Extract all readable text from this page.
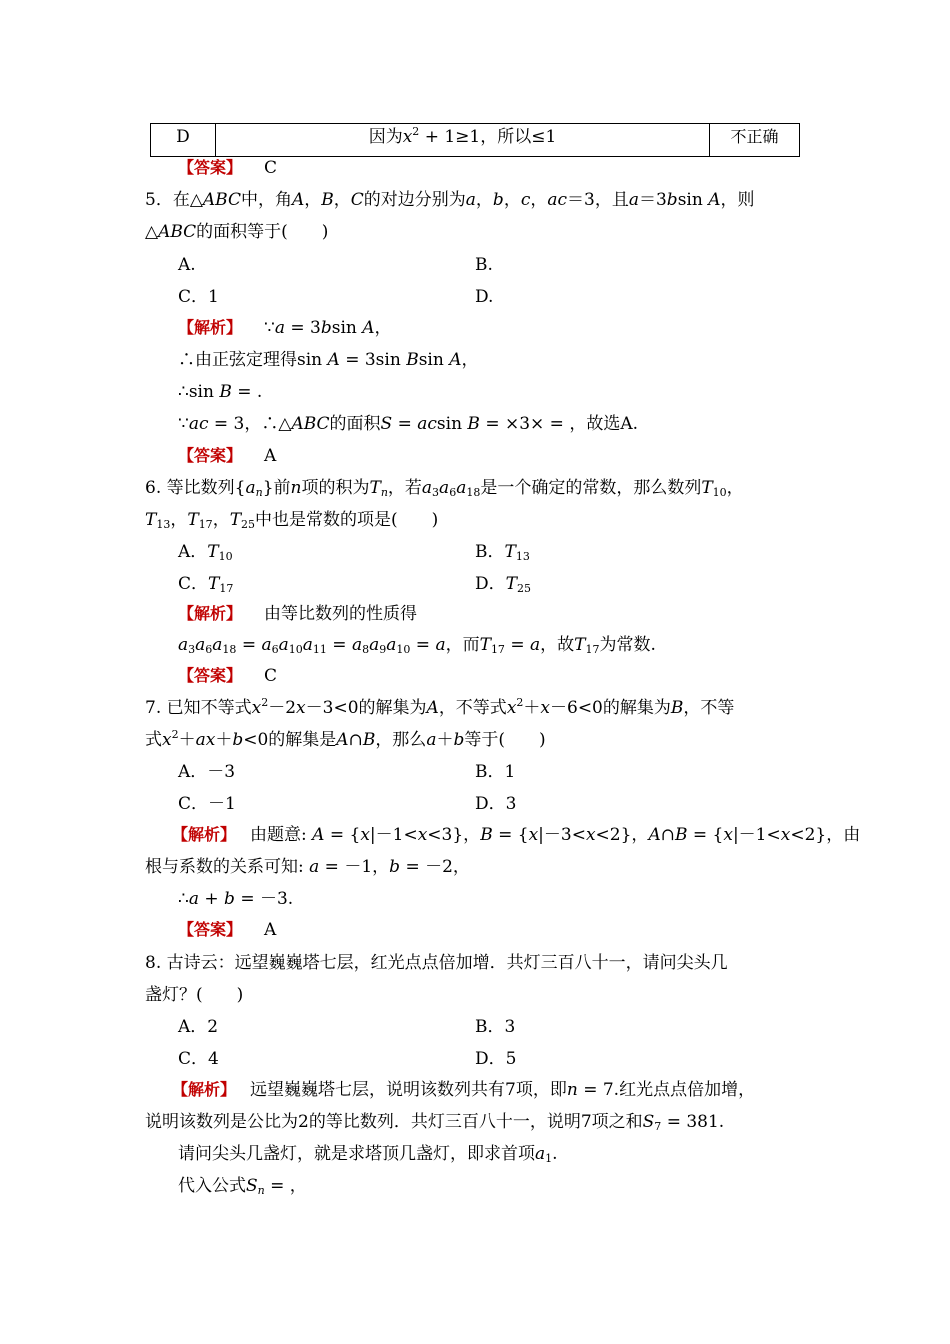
D	因为$x^2 + 1\ge 1$，所以≤1	不正确
【答案】 C
5．在△ABC中，角A，B，C的对边分别为a，b，c，ac＝3，且a＝3bsin A，则
△ABC的面积等于(　　)
A.	B.
C．1	D.
【解析】 ∵a = 3bsin A，
∴由正弦定理得sin A = 3sin Bsin A，
∴sin B = .
∵ac = 3，∴△ABC的面积S = acsin B = ×3× = ，故选A.
【答案】 A
6. 等比数列$\{a_n\}$前n项的积为$T_n$，若$a_3a_6a_{18}$是一个确定的常数，那么数列$T_{10}$，
$T_{13}$，$T_{17}$，$T_{25}$中也是常数的项是(　　)
A．$T_{10}$	B．$T_{13}$
C．$T_{17}$	D．$T_{25}$
【解析】 由等比数列的性质得
$a_3a_6a_{18} = a_6a_{10}a_{11} = a_8a_9a_{10} = a$，而$T_{17} = a$，故$T_{17}$为常数.
【答案】 C
7. 已知不等式$x^2-2x-3<0$的解集为A，不等式$x^2+x-6<0$的解集为B，不等
式$x^2+ax+b<0$的解集是A∩B，那么a＋b等于(　　)
A．－3	B．1
C．－1	D．3
【解析】 由题意: A = {x|－1<x<3}，B = {x|－3<x<2}，A∩B = {x|－1<x<2}，由
根与系数的关系可知: a = －1，b = －2，
∴a + b = －3.
【答案】 A
8. 古诗云：远望巍巍塔七层，红光点点倍加增．共灯三百八十一，请问尖头几
盏灯？(　　)
A．2	B．3
C．4	D．5
【解析】 远望巍巍塔七层，说明该数列共有7项，即n = 7.红光点点倍加增，
说明该数列是公比为2的等比数列．共灯三百八十一，说明7项之和$S_7 = 381$.
请问尖头几盏灯，就是求塔顶几盏灯，即求首项$a_1$.
代入公式$S_n$ = ，
